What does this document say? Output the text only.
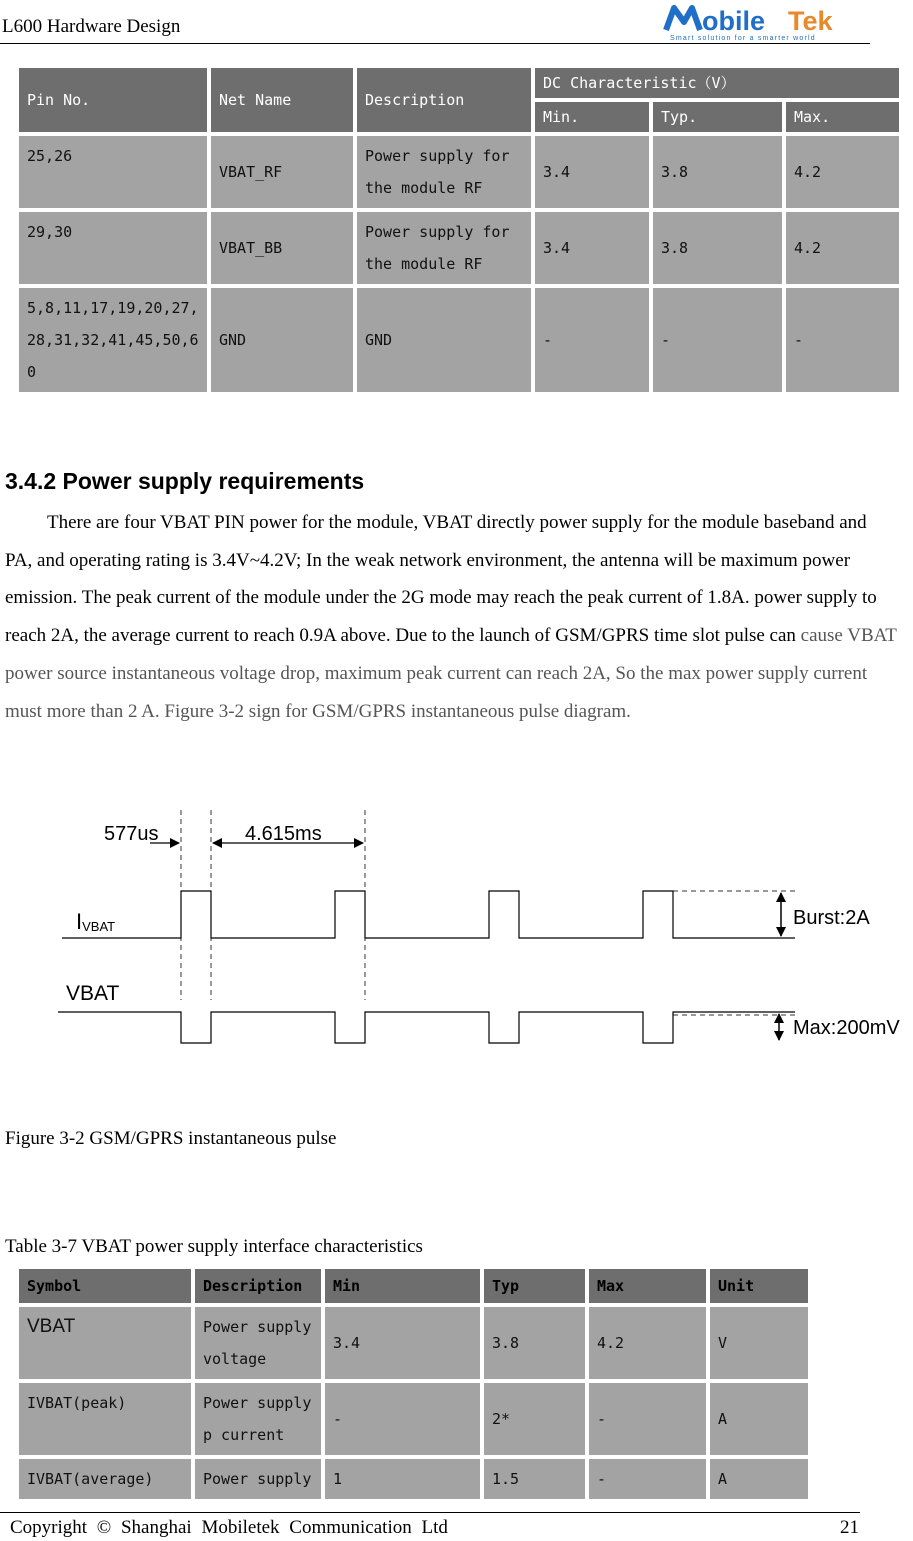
L600 Hardware Design	obile Tek
Smart solution for a smarter world
Pin No.	Net Name	Description	DC Characteristic（V）		
			Min.	Typ.	Max.
25,26	VBAT_RF	Power supply for the module RF	3.4	3.8	4.2
29,30	VBAT_BB	Power supply for the module RF	3.4	3.8	4.2
5,8,11,17,19,20,27,28,31,32,41,45,50,60	GND	GND	-	-	-
3.4.2 Power supply requirements
There are four VBAT PIN power for the module, VBAT directly power supply for the module baseband and PA, and operating rating is 3.4V~4.2V; In the weak network environment, the antenna will be maximum power emission. The peak current of the module under the 2G mode may reach the peak current of 1.8A. power supply to reach 2A, the average current to reach 0.9A above. Due to the launch of GSM/GPRS time slot pulse can cause VBAT power source instantaneous voltage drop, maximum peak current can reach 2A, So the max power supply current must more than 2 A. Figure 3-2 sign for GSM/GPRS instantaneous pulse diagram.
577us	4.615ms
IVBAT
VBAT
Burst:2A
Max:200mV
Figure 3-2 GSM/GPRS instantaneous pulse
Table 3-7 VBAT power supply interface characteristics
Symbol	Description	Min	Typ	Max	Unit
VBAT	Power supply voltage	3.4	3.8	4.2	V
IVBAT(peak)	Power supply p current	-	2*	-	A
IVBAT(average)	Power supply	1	1.5	-	A
Copyright © Shanghai Mobiletek Communication Ltd	21
